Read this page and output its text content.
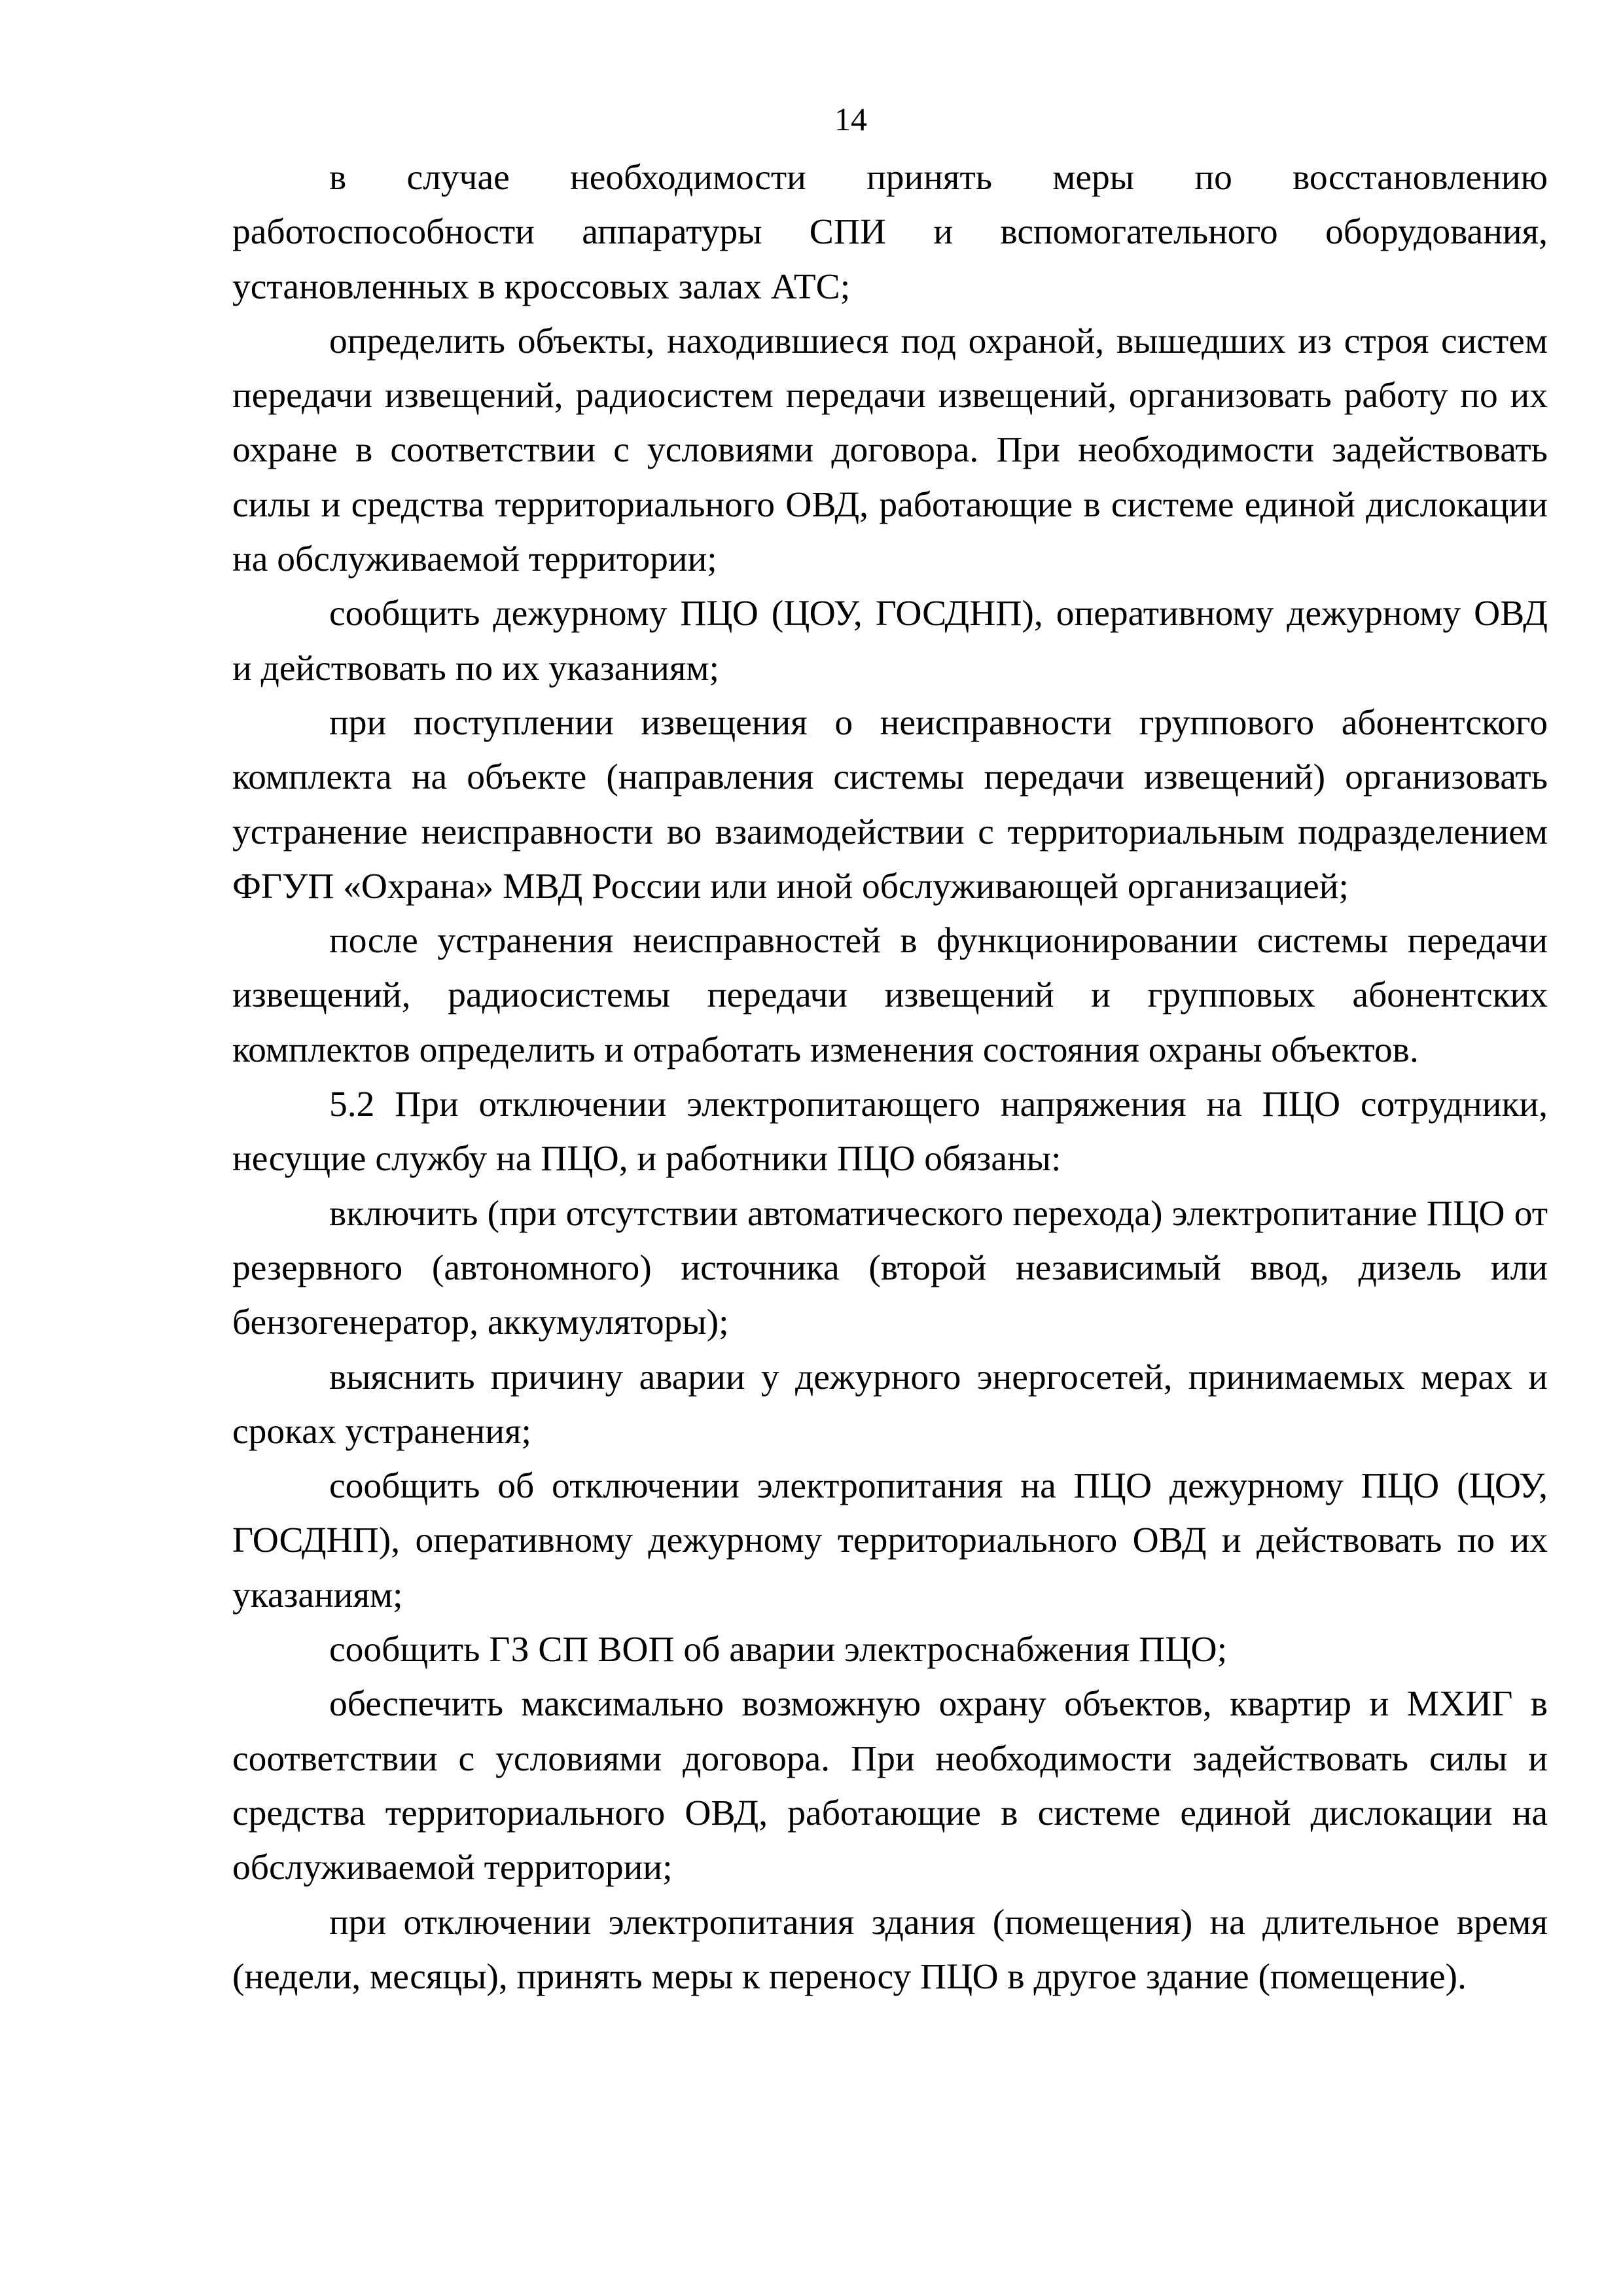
14

в случае необходимости принять меры по восстановлению работоспособности аппаратуры СПИ и вспомогательного оборудования, установленных в кроссовых залах АТС;

определить объекты, находившиеся под охраной, вышедших из строя систем передачи извещений, радиосистем передачи извещений, организовать работу по их охране в соответствии с условиями договора. При необходимости задействовать силы и средства территориального ОВД, работающие в системе единой дислокации на обслуживаемой территории;

сообщить дежурному ПЦО (ЦОУ, ГОСДНП), оперативному дежурному ОВД и действовать по их указаниям;

при поступлении извещения о неисправности группового абонентского комплекта на объекте (направления системы передачи извещений) организовать устранение неисправности во взаимодействии с территориальным подразделением ФГУП «Охрана» МВД России или иной обслуживающей организацией;

после устранения неисправностей в функционировании системы передачи извещений, радиосистемы передачи извещений и групповых абонентских комплектов определить и отработать изменения состояния охраны объектов.

5.2 При отключении электропитающего напряжения на ПЦО сотрудники, несущие службу на ПЦО, и работники ПЦО обязаны:

включить (при отсутствии автоматического перехода) электропитание ПЦО от резервного (автономного) источника (второй независимый ввод, дизель или бензогенератор, аккумуляторы);

выяснить причину аварии у дежурного энергосетей, принимаемых мерах и сроках устранения;

сообщить об отключении электропитания на ПЦО дежурному ПЦО (ЦОУ, ГОСДНП), оперативному дежурному территориального ОВД и действовать по их указаниям;

сообщить ГЗ СП ВОП об аварии электроснабжения ПЦО;

обеспечить максимально возможную охрану объектов, квартир и МХИГ в соответствии с условиями договора. При необходимости задействовать силы и средства территориального ОВД, работающие в системе единой дислокации на обслуживаемой территории;

при отключении электропитания здания (помещения) на длительное время (недели, месяцы), принять меры к переносу ПЦО в другое здание (помещение).
